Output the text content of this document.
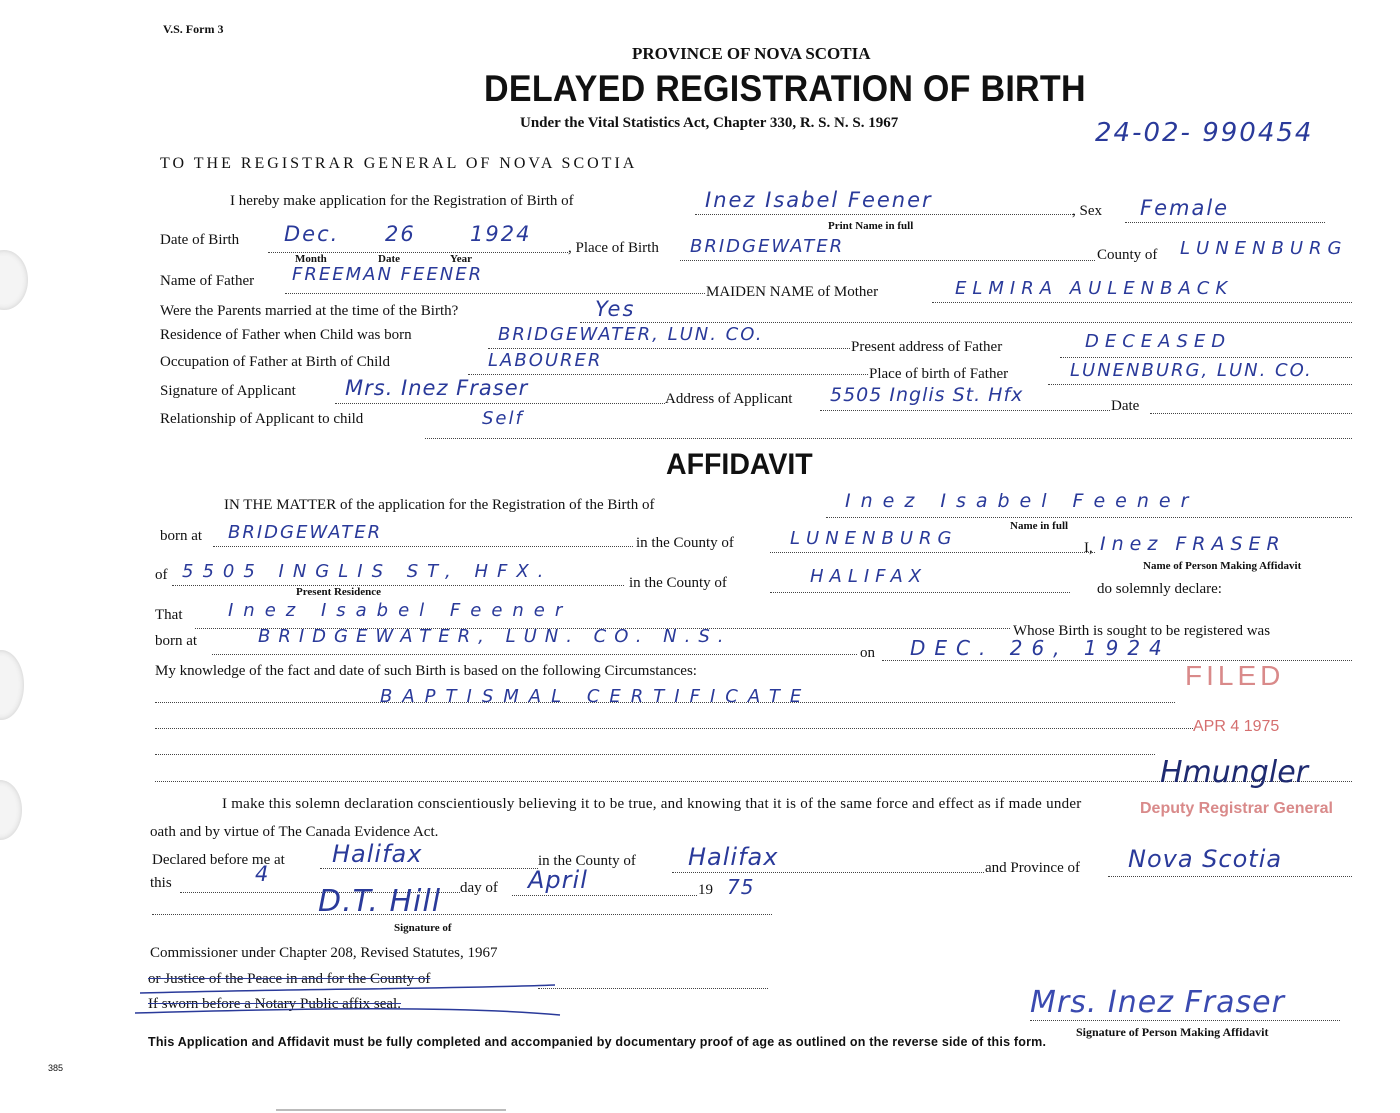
V.S. Form 3
PROVINCE OF NOVA SCOTIA
DELAYED REGISTRATION OF BIRTH
Under the Vital Statistics Act, Chapter 330, R. S. N. S. 1967	24-02- 990454
TO THE REGISTRAR GENERAL OF NOVA SCOTIA
I hereby make application for the Registration of Birth of	Inez Isabel Feener
Print Name in full
, Sex Female
Date of Birth Dec. 26	1924
Month	Date	Year
, Place of Birth BRIDGEWATER	County of LUNENBURG
Name of Father FREEMAN FEENER
MAIDEN NAME of Mother	ELMIRA AULENBACK
Were the Parents married at the time of the Birth?	Yes
Residence of Father when Child was born	BRIDGEWATER, LUN. CO.
Present address of Father	DECEASED
Occupation of Father at Birth of Child	LABOURER
Place of birth of Father	LUNENBURG, LUN. CO.
Signature of Applicant Mrs. Inez Fraser	Address of Applicant 5505 Inglis St. Hfx	Date
Relationship of Applicant to child	Self
AFFIDAVIT
IN THE MATTER of the application for the Registration of the Birth of	Inez Isabel Feener
Name in full
born at BRIDGEWATER	in the County of	LUNENBURG	I, Inez FRASER
Name of Person Making Affidavit
of 5505 INGLIS ST, HFX.
Present Residence
in the County of	HALIFAX
do solemnly declare:
That	Inez Isabel Feener
Whose Birth is sought to be registered was
born at	BRIDGEWATER, LUN. CO. N.S.
on DEC. 26, 1924
My knowledge of the fact and date of such Birth is based on the following Circumstances:
BAPTISMAL CERTIFICATE
FILED
APR 4 1975
Hmungler
Deputy Registrar General
I make this solemn declaration conscientiously believing it to be true, and knowing that it is of the same force and effect as if made under
oath and by virtue of The Canada Evidence Act.
Declared before me at Halifax	in the County of Halifax	and Province of Nova Scotia
this	4
day of April	19 75
D.T. Hill
Signature of
Commissioner under Chapter 208, Revised Statutes, 1967
or Justice of the Peace in and for the County of
If sworn before a Notary Public affix seal.	Mrs. Inez Fraser
Signature of Person Making Affidavit
This Application and Affidavit must be fully completed and accompanied by documentary proof of age as outlined on the reverse side of this form.
385
